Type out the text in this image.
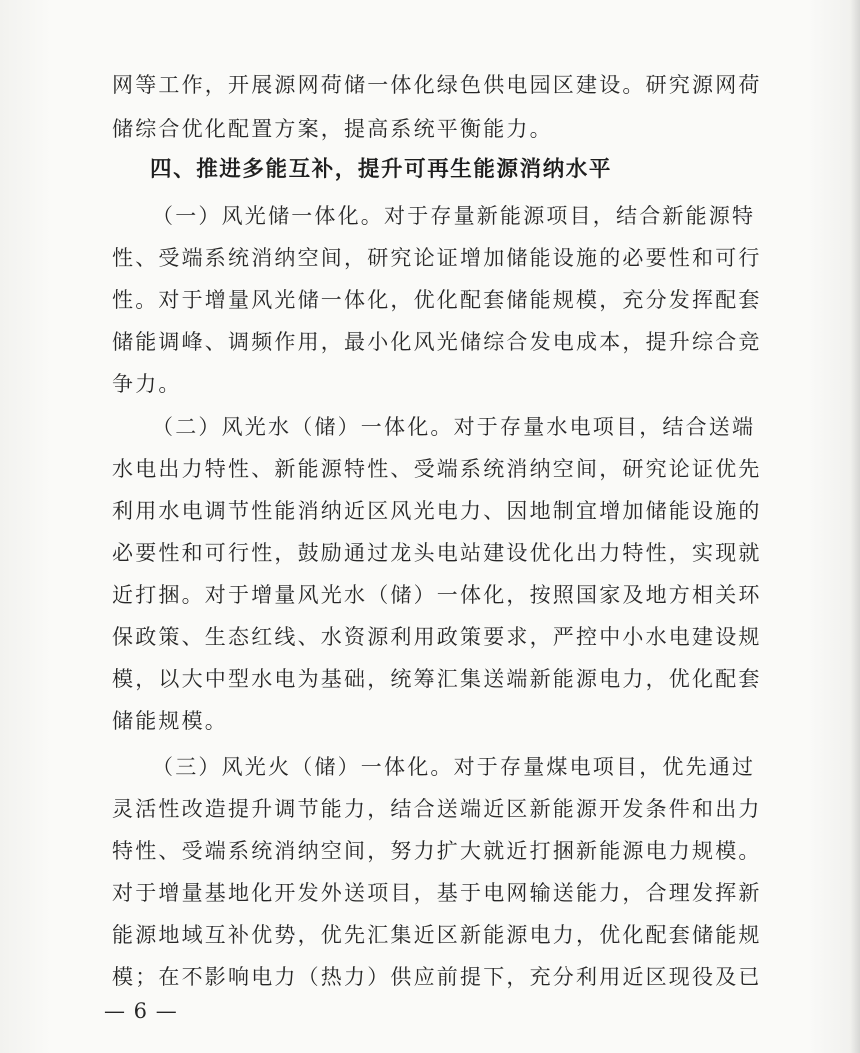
网等工作，开展源网荷储一体化绿色供电园区建设。研究源网荷
储综合优化配置方案，提高系统平衡能力。
四、推进多能互补，提升可再生能源消纳水平
（一）风光储一体化。对于存量新能源项目，结合新能源特
性、受端系统消纳空间，研究论证增加储能设施的必要性和可行
性。对于增量风光储一体化，优化配套储能规模，充分发挥配套
储能调峰、调频作用，最小化风光储综合发电成本，提升综合竞
争力。
（二）风光水（储）一体化。对于存量水电项目，结合送端
水电出力特性、新能源特性、受端系统消纳空间，研究论证优先
利用水电调节性能消纳近区风光电力、因地制宜增加储能设施的
必要性和可行性，鼓励通过龙头电站建设优化出力特性，实现就
近打捆。对于增量风光水（储）一体化，按照国家及地方相关环
保政策、生态红线、水资源利用政策要求，严控中小水电建设规
模，以大中型水电为基础，统筹汇集送端新能源电力，优化配套
储能规模。
（三）风光火（储）一体化。对于存量煤电项目，优先通过
灵活性改造提升调节能力，结合送端近区新能源开发条件和出力
特性、受端系统消纳空间，努力扩大就近打捆新能源电力规模。
对于增量基地化开发外送项目，基于电网输送能力，合理发挥新
能源地域互补优势，优先汇集近区新能源电力，优化配套储能规
模；在不影响电力（热力）供应前提下，充分利用近区现役及已
— 6 —
